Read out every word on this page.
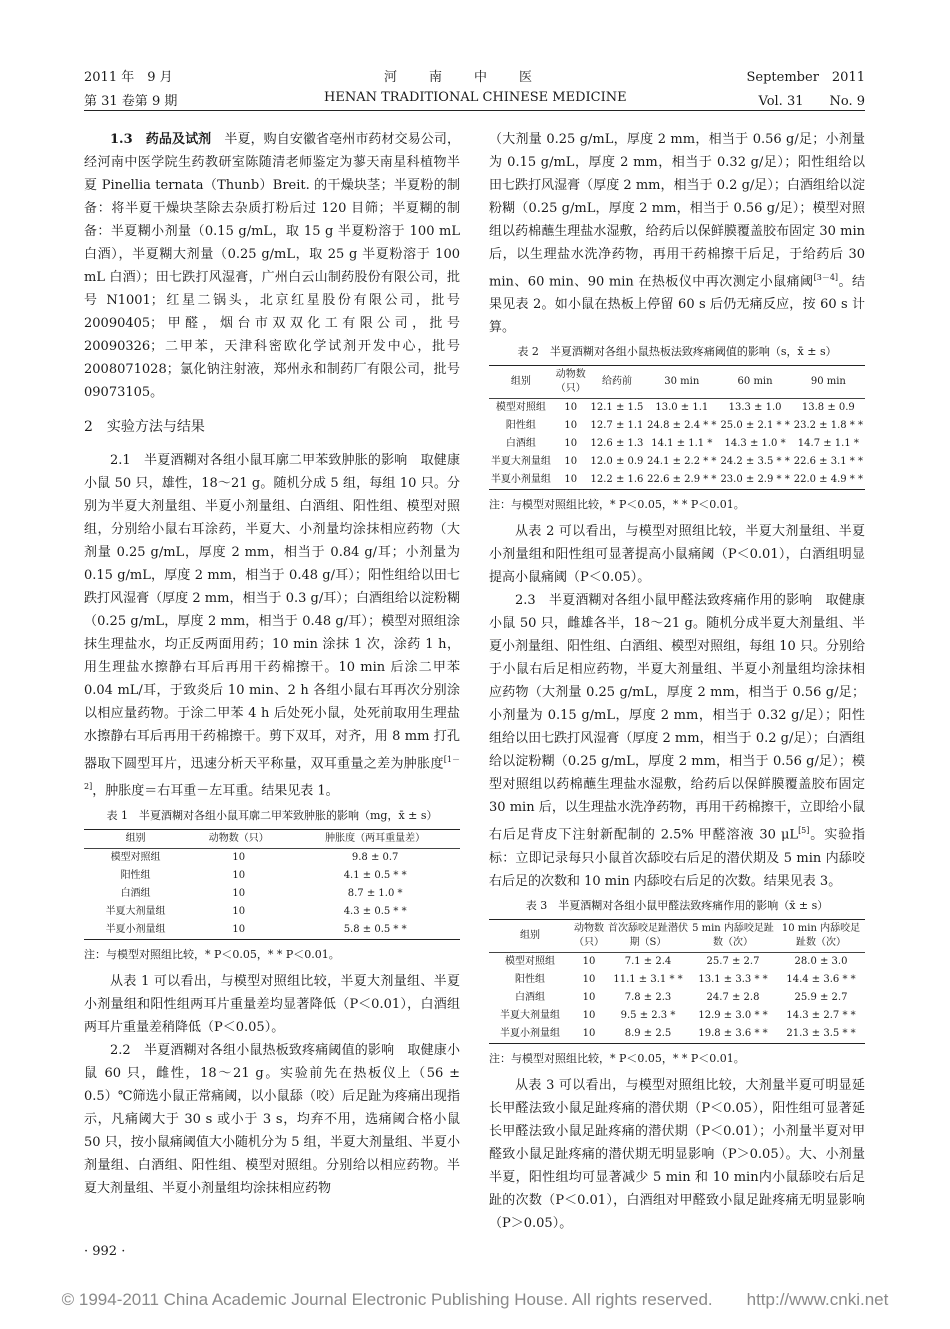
2011 年　9 月	河　　南　　中　　医	September　2011
第 31 卷第 9 期	HENAN TRADITIONAL CHINESE MEDICINE	Vol. 31　　No. 9

1.3　药品及试剂　 半夏，购自安徽省亳州市药材交易公司，经河南中医学院生药教研室陈随清老师鉴定为蓼天南星科植物半夏 Pinellia ternata（Thunb）Breit. 的干燥块茎；半夏粉的制备：将半夏干燥块茎除去杂质打粉后过 120 目筛；半夏糊的制备：半夏糊小剂量（0.15 g/mL，取 15 g 半夏粉溶于 100 mL 白酒），半夏糊大剂量（0.25 g/mL，取 25 g 半夏粉溶于 100 mL 白酒）；田七跌打风湿膏，广州白云山制药股份有限公司，批号 N1001；红星二锅头，北京红星股份有限公司，批号 20090405；甲醛，烟台市双双化工有限公司，批号 20090326；二甲苯，天津科密欧化学试剂开发中心，批号 2008071028；氯化钠注射液，郑州永和制药厂有限公司，批号 09073105。

2　实验方法与结果

2.1　半夏酒糊对各组小鼠耳廓二甲苯致肿胀的影响　 取健康小鼠 50 只，雄性，18～21 g。随机分成 5 组，每组 10 只。分别为半夏大剂量组、半夏小剂量组、白酒组、阳性组、模型对照组，分别给小鼠右耳涂药，半夏大、小剂量均涂抹相应药物（大剂量 0.25 g/mL，厚度 2 mm，相当于 0.84 g/耳；小剂量为 0.15 g/mL，厚度 2 mm，相当于 0.48 g/耳）；阳性组给以田七跌打风湿膏（厚度 2 mm，相当于 0.3 g/耳）；白酒组给以淀粉糊（0.25 g/mL，厚度 2 mm，相当于 0.48 g/耳）；模型对照组涂抹生理盐水，均正反两面用药；10 min 涂抹 1 次，涂药 1 h，用生理盐水擦静右耳后再用干药棉擦干。10 min 后涂二甲苯 0.04 mL/耳，于致炎后 10 min、2 h 各组小鼠右耳再次分别涂以相应量药物。于涂二甲苯 4 h 后处死小鼠，处死前取用生理盐水擦静右耳后再用干药棉擦干。剪下双耳，对齐，用 8 mm 打孔器取下圆型耳片，迅速分析天平称量，双耳重量之差为肿胀度[1－2]，肿胀度＝右耳重－左耳重。结果见表 1。

表 1　半夏酒糊对各组小鼠耳廓二甲苯致肿胀的影响（mg，x̄ ± s）

组别	动物数（只）	肿胀度（两耳重量差）
模型对照组	10	9.8 ± 0.7
阳性组	10	4.1 ± 0.5 * *
白酒组	10	8.7 ± 1.0 *
半夏大剂量组	10	4.3 ± 0.5 * *
半夏小剂量组	10	5.8 ± 0.5 * *

注：与模型对照组比较，* P＜0.05，* * P＜0.01。

从表 1 可以看出，与模型对照组比较，半夏大剂量组、半夏小剂量组和阳性组两耳片重量差均显著降低（P＜0.01），白酒组两耳片重量差稍降低（P＜0.05）。

2.2　半夏酒糊对各组小鼠热板致疼痛阈值的影响　 取健康小鼠 60 只，雌性，18～21 g。实验前先在热板仪上（56 ± 0.5）℃筛选小鼠正常痛阈，以小鼠舔（咬）后足趾为疼痛出现指示，凡痛阈大于 30 s 或小于 3 s，均弃不用，选痛阈合格小鼠 50 只，按小鼠痛阈值大小随机分为 5 组，半夏大剂量组、半夏小剂量组、白酒组、阳性组、模型对照组。分别给以相应药物。半夏大剂量组、半夏小剂量组均涂抹相应药物

（大剂量 0.25 g/mL，厚度 2 mm，相当于 0.56 g/足；小剂量为 0.15 g/mL，厚度 2 mm，相当于 0.32 g/足）；阳性组给以田七跌打风湿膏（厚度 2 mm，相当于 0.2 g/足）；白酒组给以淀粉糊（0.25 g/mL，厚度 2 mm，相当于 0.56 g/足）；模型对照组以药棉蘸生理盐水湿敷，给药后以保鲜膜覆盖胶布固定 30 min后，以生理盐水洗净药物，再用干药棉擦干后足，于给药后 30 min、60 min、90 min 在热板仪中再次测定小鼠痛阈[3－4]。结果见表 2。如小鼠在热板上停留 60 s 后仍无痛反应，按 60 s 计算。

表 2　半夏酒糊对各组小鼠热板法致疼痛阈值的影响（s，x̄ ± s）

组别	动物数（只）	给药前	30 min	60 min	90 min
模型对照组	10	12.1 ± 1.5	13.0 ± 1.1	13.3 ± 1.0	13.8 ± 0.9
阳性组	10	12.7 ± 1.1	24.8 ± 2.4 * *	25.0 ± 2.1 * *	23.2 ± 1.8 * *
白酒组	10	12.6 ± 1.3	14.1 ± 1.1 *	14.3 ± 1.0 *	14.7 ± 1.1 *
半夏大剂量组	10	12.0 ± 0.9	24.1 ± 2.2 * *	24.2 ± 3.5 * *	22.6 ± 3.1 * *
半夏小剂量组	10	12.2 ± 1.6	22.6 ± 2.9 * *	23.0 ± 2.9 * *	22.0 ± 4.9 * *

注：与模型对照组比较，* P＜0.05，* * P＜0.01。

从表 2 可以看出，与模型对照组比较，半夏大剂量组、半夏小剂量组和阳性组可显著提高小鼠痛阈（P＜0.01），白酒组明显提高小鼠痛阈（P＜0.05）。

2.3　半夏酒糊对各组小鼠甲醛法致疼痛作用的影响　 取健康小鼠 50 只，雌雄各半，18～21 g。随机分成半夏大剂量组、半夏小剂量组、阳性组、白酒组、模型对照组，每组 10 只。分别给于小鼠右后足相应药物，半夏大剂量组、半夏小剂量组均涂抹相应药物（大剂量 0.25 g/mL，厚度 2 mm，相当于 0.56 g/足；小剂量为 0.15 g/mL，厚度 2 mm，相当于 0.32 g/足）；阳性组给以田七跌打风湿膏（厚度 2 mm，相当于 0.2 g/足）；白酒组给以淀粉糊（0.25 g/mL，厚度 2 mm，相当于 0.56 g/足）；模型对照组以药棉蘸生理盐水湿敷，给药后以保鲜膜覆盖胶布固定 30 min 后，以生理盐水洗净药物，再用干药棉擦干，立即给小鼠右后足背皮下注射新配制的 2.5% 甲醛溶液 30 μL[5]。实验指标：立即记录每只小鼠首次舔咬右后足的潜伏期及 5 min 内舔咬右后足的次数和 10 min 内舔咬右后足的次数。结果见表 3。

表 3　半夏酒糊对各组小鼠甲醛法致疼痛作用的影响（x̄ ± s）

组别	动物数（只）	首次舔咬足趾潜伏期（S）	5 min 内舔咬足趾数（次）	10 min 内舔咬足趾数（次）
模型对照组	10	7.1 ± 2.4	25.7 ± 2.7	28.0 ± 3.0
阳性组	10	11.1 ± 3.1 * *	13.1 ± 3.3 * *	14.4 ± 3.6 * *
白酒组	10	7.8 ± 2.3	24.7 ± 2.8	25.9 ± 2.7
半夏大剂量组	10	9.5 ± 2.3 *	12.9 ± 3.0 * *	14.3 ± 2.7 * *
半夏小剂量组	10	8.9 ± 2.5	19.8 ± 3.6 * *	21.3 ± 3.5 * *

注：与模型对照组比较，* P＜0.05，* * P＜0.01。

从表 3 可以看出，与模型对照组比较，大剂量半夏可明显延长甲醛法致小鼠足趾疼痛的潜伏期（P＜0.05），阳性组可显著延长甲醛法致小鼠足趾疼痛的潜伏期（P＜0.01）；小剂量半夏对甲醛致小鼠足趾疼痛的潜伏期无明显影响（P＞0.05）。大、小剂量半夏，阳性组均可显著减少 5 min 和 10 min内小鼠舔咬右后足趾的次数（P＜0.01），白酒组对甲醛致小鼠足趾疼痛无明显影响（P＞0.05）。

· 992 ·
© 1994-2011 China Academic Journal Electronic Publishing House. All rights reserved.　　http://www.cnki.net
